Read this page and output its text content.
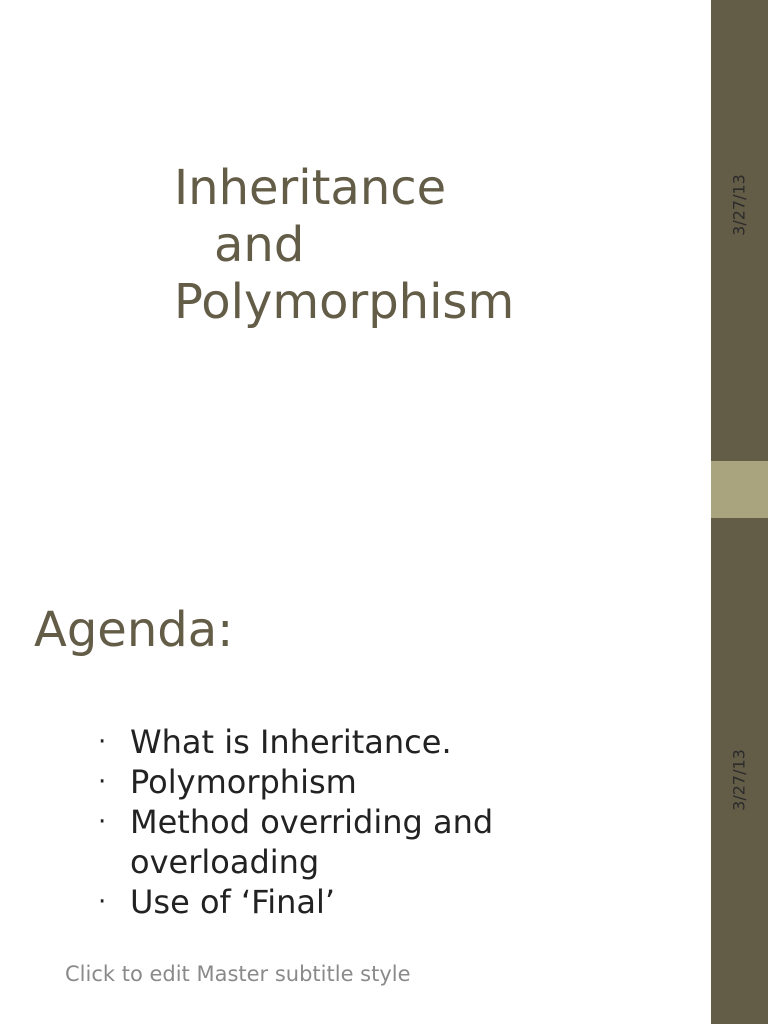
3/27/13
3/27/13
Inheritance
and
Polymorphism
Agenda:
· What is Inheritance.
· Polymorphism
· Method overriding and overloading
· Use of ‘Final’
Click to edit Master subtitle style
